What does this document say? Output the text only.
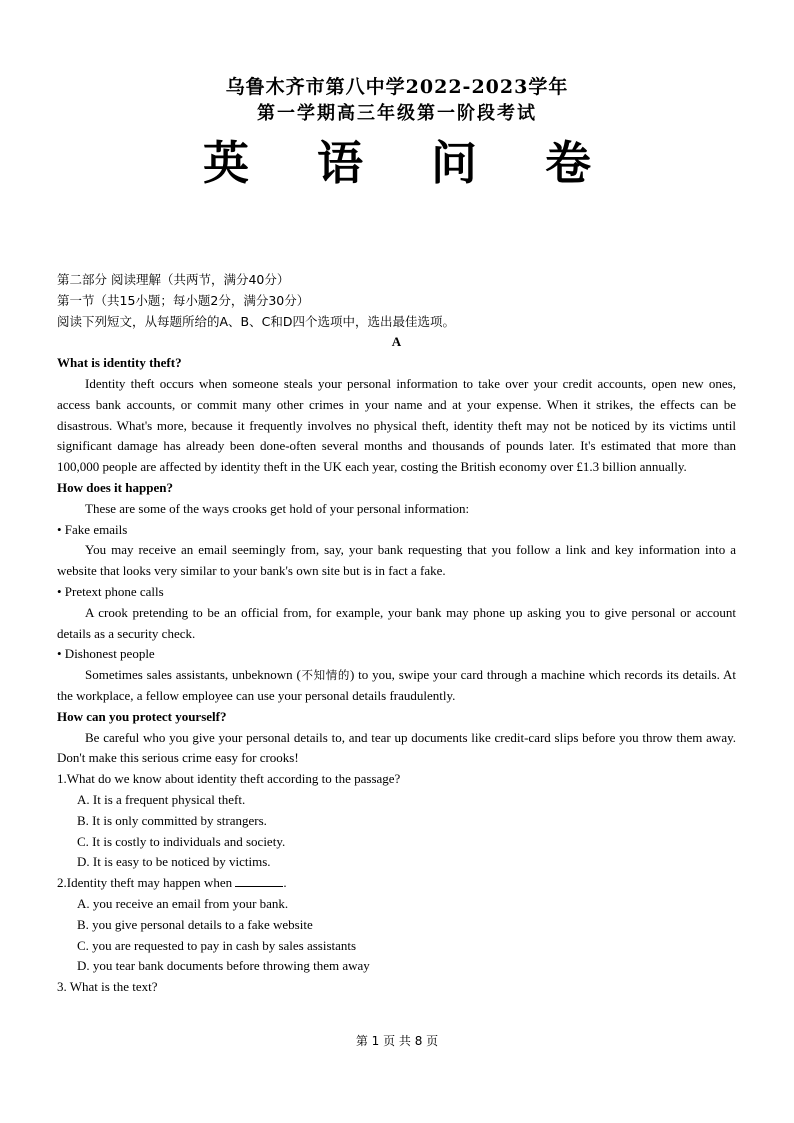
乌鲁木齐市第八中学2022-2023学年
第一学期高三年级第一阶段考试
英 语 问 卷

第二部分 阅读理解（共两节，满分40分）

第一节（共15小题；每小题2分，满分30分）

阅读下列短文，从每题所给的A、B、C和D四个选项中，选出最佳选项。

A

What is identity theft?

Identity theft occurs when someone steals your personal information to take over your credit accounts, open new ones, access bank accounts, or commit many other crimes in your name and at your expense. When it strikes, the effects can be disastrous. What's more, because it frequently involves no physical theft, identity theft may not be noticed by its victims until significant damage has already been done-often several months and thousands of pounds later. It's estimated that more than 100,000 people are affected by identity theft in the UK each year, costing the British economy over £1.3 billion annually.

How does it happen?

These are some of the ways crooks get hold of your personal information:

• Fake emails

You may receive an email seemingly from, say, your bank requesting that you follow a link and key information into a website that looks very similar to your bank's own site but is in fact a fake.

• Pretext phone calls

A crook pretending to be an official from, for example, your bank may phone up asking you to give personal or account details as a security check.

• Dishonest people

Sometimes sales assistants, unbeknown (不知情的) to you, swipe your card through a machine which records its details. At the workplace, a fellow employee can use your personal details fraudulently.

How can you protect yourself?

Be careful who you give your personal details to, and tear up documents like credit-card slips before you throw them away. Don't make this serious crime easy for crooks!

1.What do we know about identity theft according to the passage?

A. It is a frequent physical theft.

B. It is only committed by strangers.

C. It is costly to individuals and society.

D. It is easy to be noticed by victims.

2.Identity theft may happen when	.

A. you receive an email from your bank.

B. you give personal details to a fake website

C. you are requested to pay in cash by sales assistants

D. you tear bank documents before throwing them away

3. What is the text?

第 1 页 共 8 页
